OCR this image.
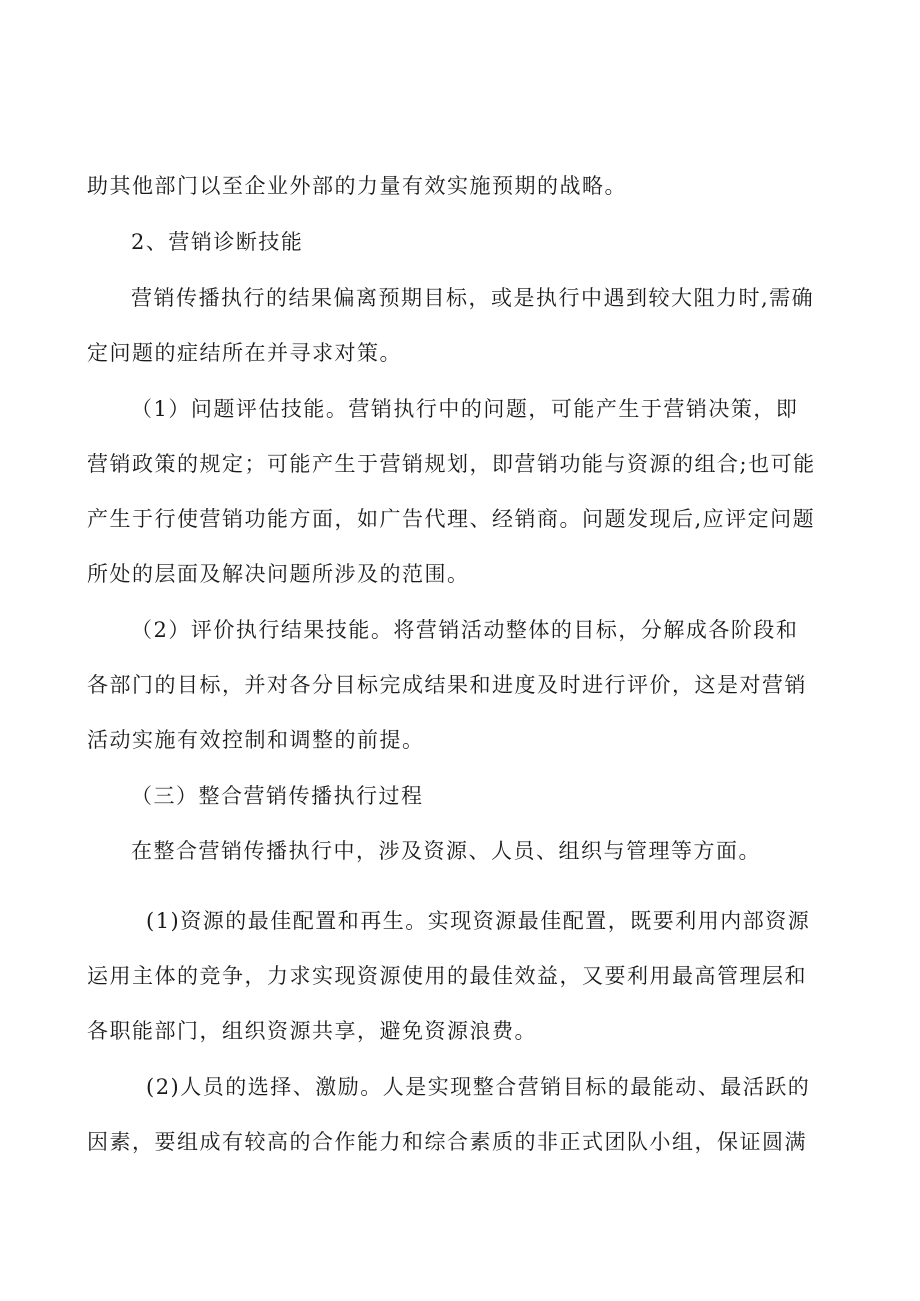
助其他部门以至企业外部的力量有效实施预期的战略。
2、营销诊断技能
营销传播执行的结果偏离预期目标，或是执行中遇到较大阻力时,需确
定问题的症结所在并寻求对策。
（1）问题评估技能。营销执行中的问题，可能产生于营销决策，即
营销政策的规定；可能产生于营销规划，即营销功能与资源的组合;也可能
产生于行使营销功能方面，如广告代理、经销商。问题发现后,应评定问题
所处的层面及解决问题所涉及的范围。
（2）评价执行结果技能。将营销活动整体的目标，分解成各阶段和
各部门的目标，并对各分目标完成结果和进度及时进行评价，这是对营销
活动实施有效控制和调整的前提。
（三）整合营销传播执行过程
在整合营销传播执行中，涉及资源、人员、组织与管理等方面。
(1)资源的最佳配置和再生。实现资源最佳配置，既要利用内部资源
运用主体的竞争，力求实现资源使用的最佳效益，又要利用最高管理层和
各职能部门，组织资源共享，避免资源浪费。
(2)人员的选择、激励。人是实现整合营销目标的最能动、最活跃的
因素，要组成有较高的合作能力和综合素质的非正式团队小组，保证圆满
